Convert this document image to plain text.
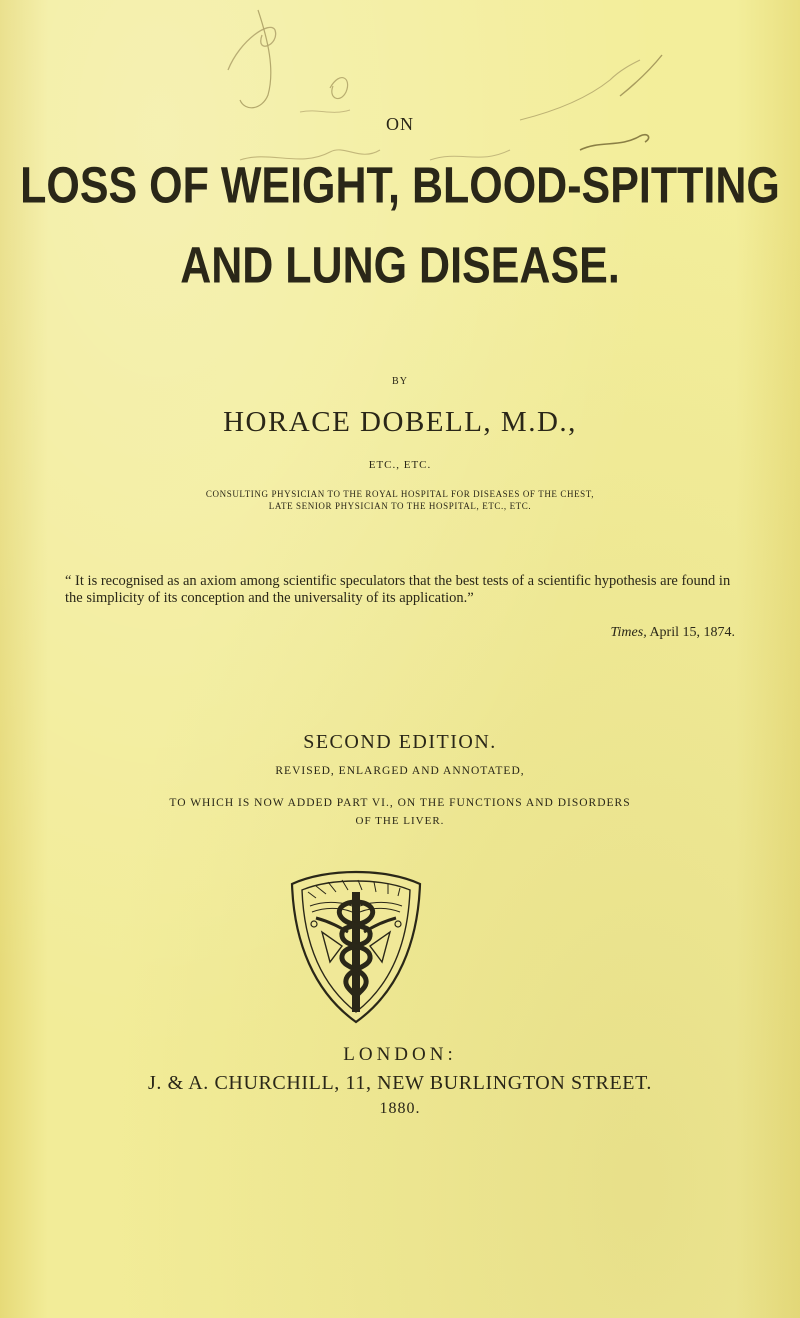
ON
LOSS OF WEIGHT, BLOOD-SPITTING
AND LUNG DISEASE.
BY
HORACE DOBELL, M.D.,
ETC., ETC.
CONSULTING PHYSICIAN TO THE ROYAL HOSPITAL FOR DISEASES OF THE CHEST,
LATE SENIOR PHYSICIAN TO THE HOSPITAL, ETC., ETC.
“ It is recognised as an axiom among scientific speculators that the best tests of a scientific hypothesis are found in the simplicity of its conception and the universality of its application.”
Times, April 15, 1874.
SECOND EDITION.
REVISED, ENLARGED AND ANNOTATED,
TO WHICH IS NOW ADDED PART VI., ON THE FUNCTIONS AND DISORDERS
OF THE LIVER.
LONDON:
J. & A. CHURCHILL, 11, NEW BURLINGTON STREET.
1880.
